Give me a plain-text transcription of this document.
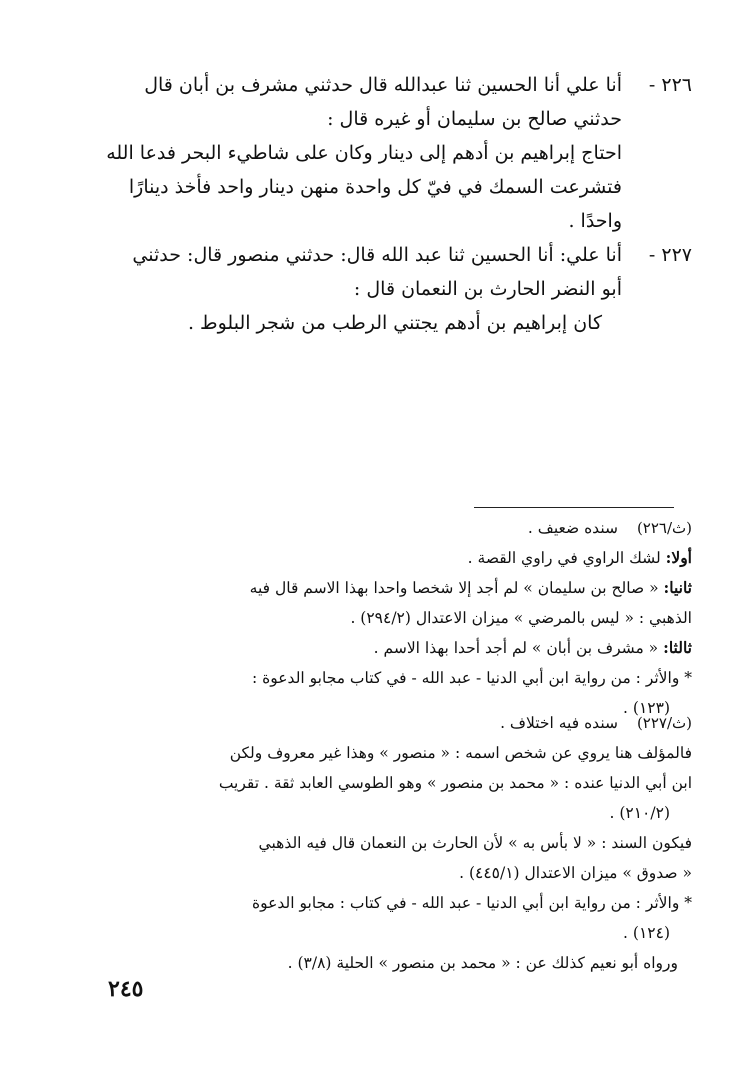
٢٢٦ -
أنا علي أنا الحسين ثنا عبدالله قال حدثني مشرف بن أبان قال
حدثني صالح بن سليمان أو غيره قال :
احتاج إبراهيم بن أدهم إلى دينار وكان على شاطيء البحر فدعا الله
فتشرعت السمك في فيّ كل واحدة منهن دينار واحد فأخذ دينارًا
واحدًا .
٢٢٧ -
أنا علي: أنا الحسين ثنا عبد الله قال: حدثني منصور قال: حدثني
أبو النضر الحارث بن النعمان قال :
كان إبراهيم بن أدهم يجتني الرطب من شجر البلوط .
(ث/٢٢٦)
سنده ضعيف .
أولا: لشك الراوي في راوي القصة .
ثانيا: « صالح بن سليمان » لم أجد إلا شخصا واحدا بهذا الاسم قال فيه
الذهبي : « ليس بالمرضي » ميزان الاعتدال (٢٩٤/٢) .
ثالثا: « مشرف بن أبان » لم أجد أحدا بهذا الاسم .
* والأثر : من رواية ابن أبي الدنيا - عبد الله - في كتاب مجابو الدعوة :
(١٢٣) .
(ث/٢٢٧)
سنده فيه اختلاف .
فالمؤلف هنا يروي عن شخص اسمه : « منصور » وهذا غير معروف ولكن
ابن أبي الدنيا عنده : « محمد بن منصور » وهو الطوسي العابد ثقة . تقريب
(٢١٠/٢) .
فيكون السند : « لا بأس به » لأن الحارث بن النعمان قال فيه الذهبي
« صدوق » ميزان الاعتدال (٤٤٥/١) .
* والأثر : من رواية ابن أبي الدنيا - عبد الله - في كتاب : مجابو الدعوة
(١٢٤) .
ورواه أبو نعيم كذلك عن : « محمد بن منصور » الحلية (٣/٨) .
٢٤٥
